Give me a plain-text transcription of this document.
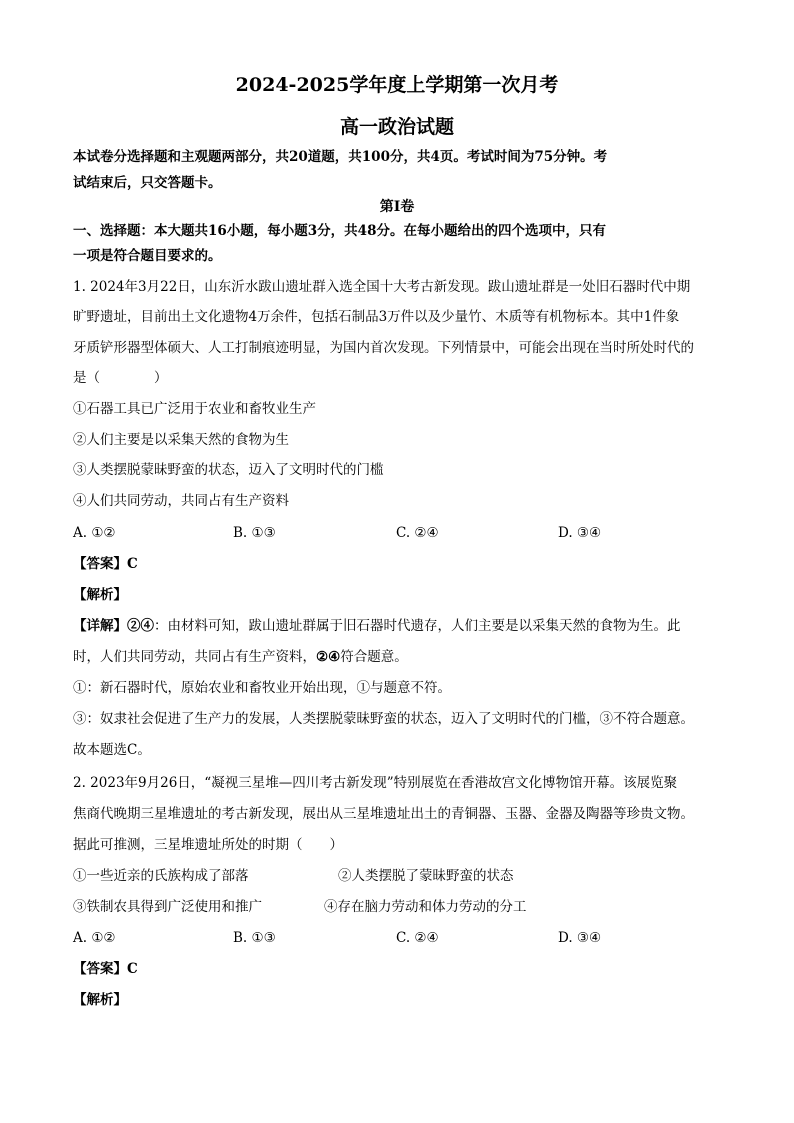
2024-2025学年度上学期第一次月考
高一政治试题
本试卷分选择题和主观题两部分，共20道题，共100分，共4页。考试时间为75分钟。考
试结束后，只交答题卡。
第Ⅰ卷
一、选择题：本大题共16小题，每小题3分，共48分。在每小题给出的四个选项中，只有
一项是符合题目要求的。
1. 2024年3月22日，山东沂水跋山遗址群入选全国十大考古新发现。跋山遗址群是一处旧石器时代中期
旷野遗址，目前出土文化遗物4万余件，包括石制品3万件以及少量竹、木质等有机物标本。其中1件象
牙质铲形器型体硕大、人工打制痕迹明显，为国内首次发现。下列情景中，可能会出现在当时所处时代的
是（　　　　）
①石器工具已广泛用于农业和畜牧业生产
②人们主要是以采集天然的食物为生
③人类摆脱蒙昧野蛮的状态，迈入了文明时代的门槛
④人们共同劳动，共同占有生产资料
A. ①②	B. ①③	C. ②④	D. ③④
【答案】C
【解析】
【详解】②④：由材料可知，跋山遗址群属于旧石器时代遗存，人们主要是以采集天然的食物为生。此
时，人们共同劳动，共同占有生产资料，②④符合题意。
①：新石器时代，原始农业和畜牧业开始出现，①与题意不符。
③：奴隶社会促进了生产力的发展，人类摆脱蒙昧野蛮的状态，迈入了文明时代的门槛，③不符合题意。
故本题选C。
2. 2023年9月26日，“凝视三星堆—四川考古新发现”特别展览在香港故宫文化博物馆开幕。该展览聚
焦商代晚期三星堆遗址的考古新发现，展出从三星堆遗址出土的青铜器、玉器、金器及陶器等珍贵文物。
据此可推测，三星堆遗址所处的时期（　　）
①一些近亲的氏族构成了部落	②人类摆脱了蒙昧野蛮的状态
③铁制农具得到广泛使用和推广	④存在脑力劳动和体力劳动的分工
A. ①②	B. ①③	C. ②④	D. ③④
【答案】C
【解析】
